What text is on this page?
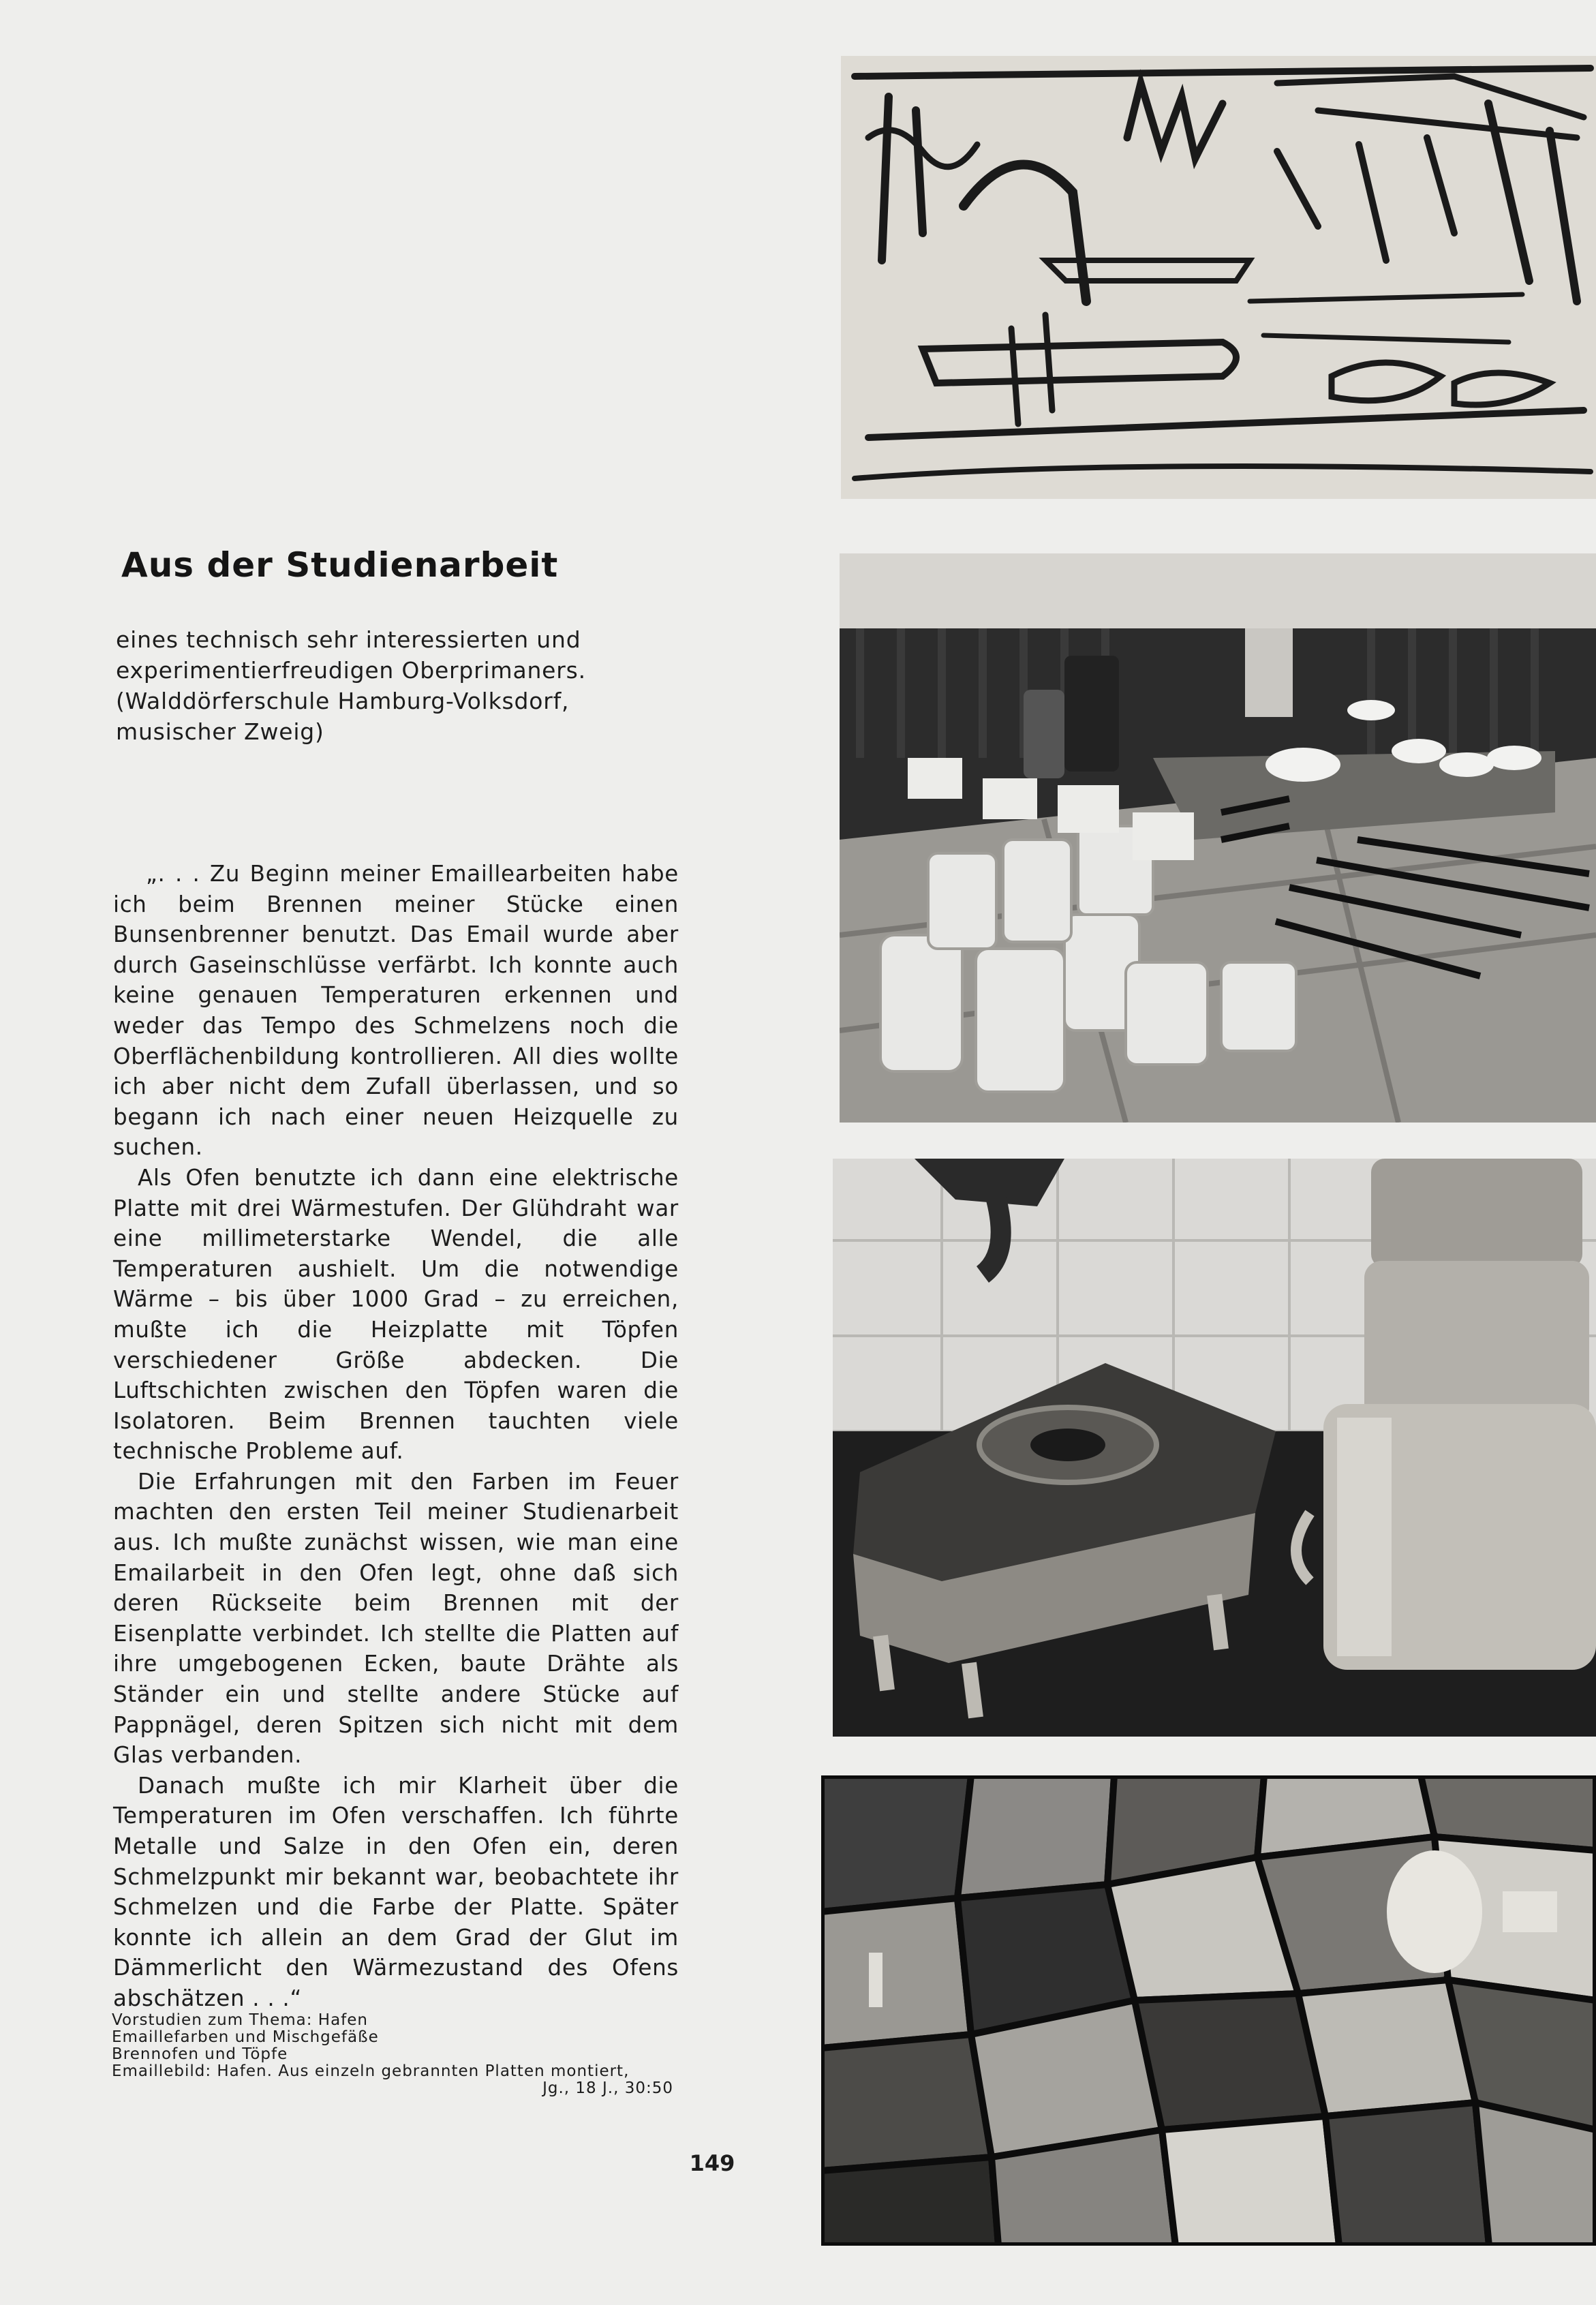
Aus der Studienarbeit
eines technisch sehr interessierten und experimentierfreudigen Oberprimaners. (Walddörferschule Hamburg-Volksdorf, musischer Zweig)

„. . . Zu Beginn meiner Emaillearbeiten habe ich beim Brennen meiner Stücke einen Bunsenbrenner benutzt. Das Email wurde aber durch Gaseinschlüsse verfärbt. Ich konnte auch keine genauen Temperaturen erkennen und weder das Tempo des Schmelzens noch die Oberflächenbildung kontrollieren. All dies wollte ich aber nicht dem Zufall überlassen, und so begann ich nach einer neuen Heizquelle zu suchen.

Als Ofen benutzte ich dann eine elektrische Platte mit drei Wärmestufen. Der Glühdraht war eine millimeterstarke Wendel, die alle Temperaturen aushielt. Um die notwendige Wärme – bis über 1000 Grad – zu erreichen, mußte ich die Heizplatte mit Töpfen verschiedener Größe abdecken. Die Luftschichten zwischen den Töpfen waren die Isolatoren. Beim Brennen tauchten viele technische Probleme auf.

Die Erfahrungen mit den Farben im Feuer machten den ersten Teil meiner Studienarbeit aus. Ich mußte zunächst wissen, wie man eine Emailarbeit in den Ofen legt, ohne daß sich deren Rückseite beim Brennen mit der Eisenplatte verbindet. Ich stellte die Platten auf ihre umgebogenen Ecken, baute Drähte als Ständer ein und stellte andere Stücke auf Pappnägel, deren Spitzen sich nicht mit dem Glas verbanden.

Danach mußte ich mir Klarheit über die Temperaturen im Ofen verschaffen. Ich führte Metalle und Salze in den Ofen ein, deren Schmelzpunkt mir bekannt war, beobachtete ihr Schmelzen und die Farbe der Platte. Später konnte ich allein an dem Grad der Glut im Dämmerlicht den Wärmezustand des Ofens abschätzen . . .“

Vorstudien zum Thema: Hafen
Emaillefarben und Mischgefäße
Brennofen und Töpfe
Emaillebild: Hafen. Aus einzeln gebrannten Platten montiert,
Jg., 18 J., 30:50
149
